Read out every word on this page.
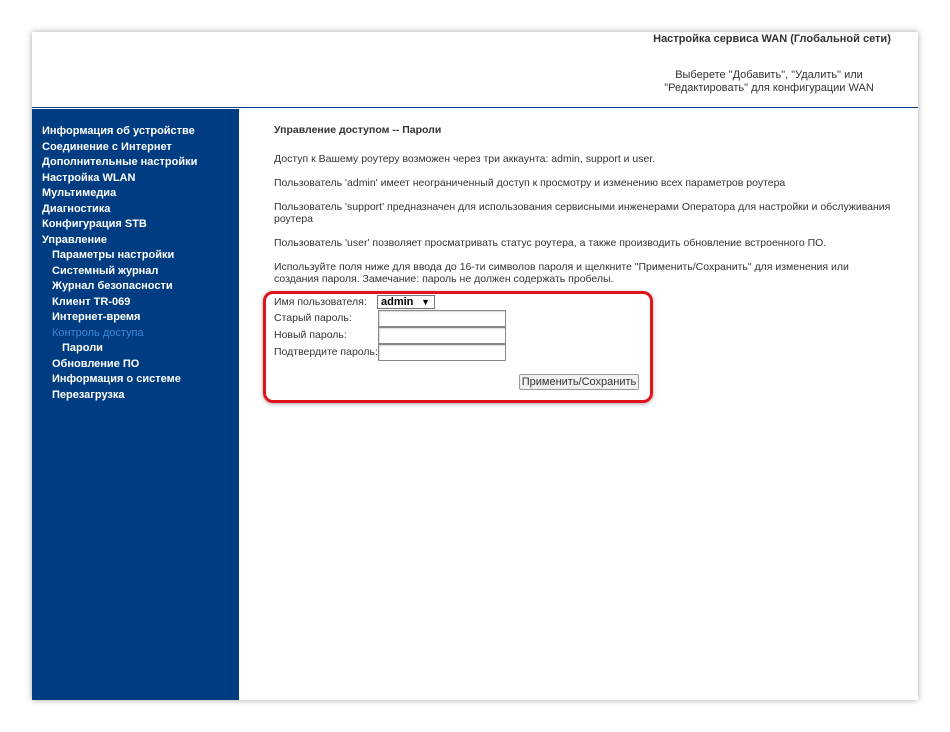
Настройка сервиса WAN (Глобальной сети)
Выберете "Добавить", "Удалить" или "Редактировать" для конфигурации WAN
Информация об устройстве
Соединение с Интернет
Дополнительные настройки
Настройка WLAN
Мультимедиа
Диагностика
Конфигурация STB
Управление
Параметры настройки
Системный журнал
Журнал безопасности
Клиент TR-069
Интернет-время
Контроль доступа
Пароли
Обновление ПО
Информация о системе
Перезагрузка
Управление доступом -- Пароли

Доступ к Вашему роутеру возможен через три аккаунта: admin, support и user.

Пользователь 'admin' имеет неограниченный доступ к просмотру и изменению всех параметров роутера

Пользователь 'support' предназначен для использования сервисными инженерами Оператора для настройки и обслуживания роутера

Пользователь 'user' позволяет просматривать статус роутера, а также производить обновление встроенного ПО.

Используйте поля ниже для ввода до 16-ти символов пароля и щелкните "Применить/Сохранить" для изменения или создания пароля. Замечание: пароль не должен содержать пробелы.

Имя пользователя:	admin ▼
Старый пароль:
Новый пароль:
Подтвердите пароль:
Применить/Сохранить
